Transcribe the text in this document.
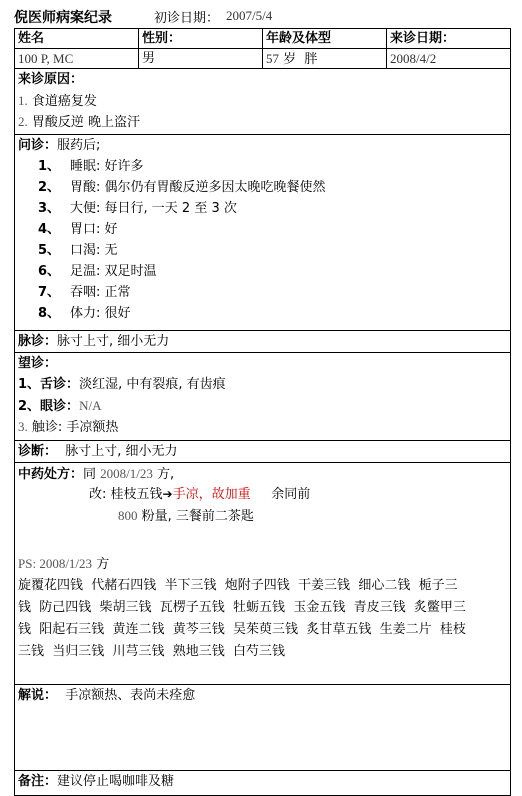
倪医师病案纪录	初诊日期： 2007/5/4
姓名	性别：	年龄及体型	来诊日期：
100 P, MC	男	57 岁 胖	2008/4/2
来诊原因：
1. 食道癌复发
2. 胃酸反逆 晚上盗汗
问诊：服药后;
1、 睡眠: 好许多
2、 胃酸: 偶尔仍有胃酸反逆多因太晚吃晚餐使然
3、 大便: 每日行, 一天 2 至 3 次
4、 胃口: 好
5、 口渴: 无
6、 足温: 双足时温
7、 吞咽: 正常
8、 体力: 很好
脉诊：脉寸上寸, 细小无力
望诊：
1、舌诊：淡红湿, 中有裂痕, 有齿痕
2、眼诊：N/A
3. 触诊: 手凉额热
诊断： 脉寸上寸, 细小无力
中药处方：同 2008/1/23 方,
改: 桂枝五钱➔手凉，故加重 余同前
800 粉量, 三餐前二茶匙
PS: 2008/1/23 方
旋覆花四钱  代赭石四钱  半下三钱  炮附子四钱  干姜三钱  细心二钱  栀子三
钱  防己四钱  柴胡三钱  瓦楞子五钱  牡蛎五钱  玉金五钱  青皮三钱  炙鳖甲三
钱  阳起石三钱  黄连二钱  黄芩三钱  吴茱萸三钱  炙甘草五钱  生姜二片  桂枝
三钱  当归三钱  川芎三钱  熟地三钱  白芍三钱
解说： 手凉额热、表尚未痊愈
备注：建议停止喝咖啡及糖
